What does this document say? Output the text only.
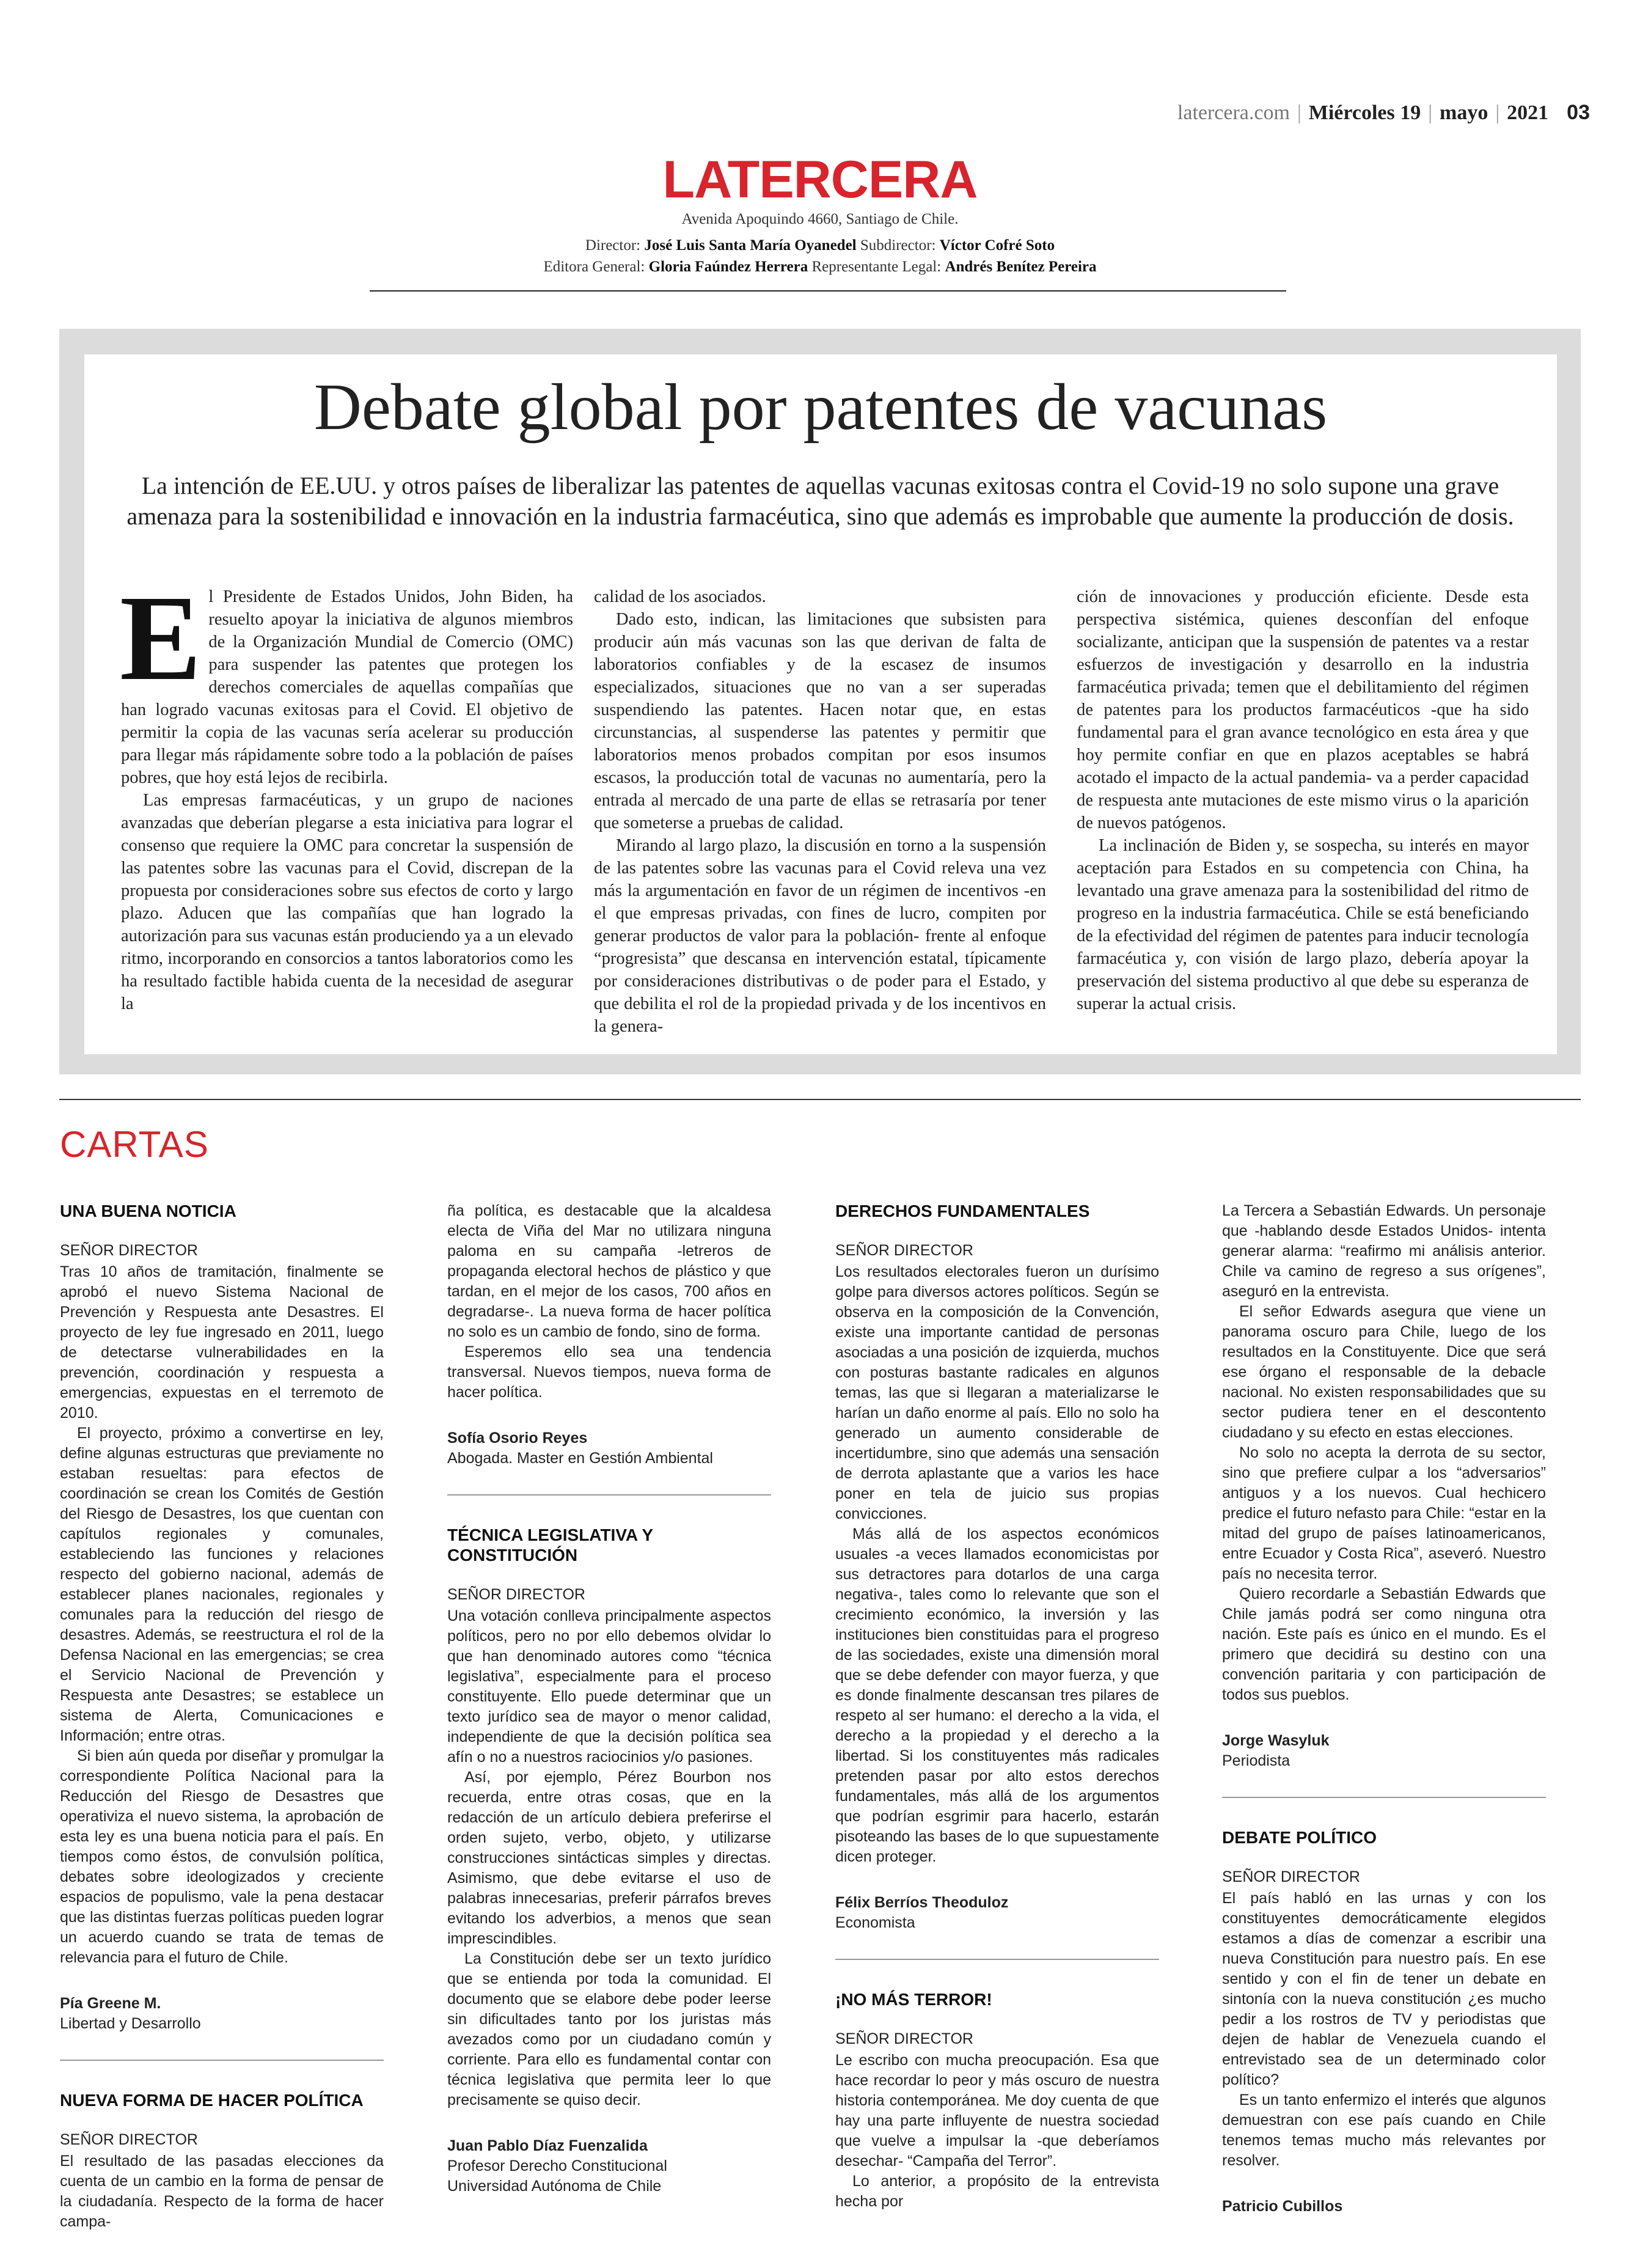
latercera.com | Miércoles 19 | mayo | 2021 03
LATERCERA
Avenida Apoquindo 4660, Santiago de Chile.
Director: José Luis Santa María Oyanedel Subdirector: Víctor Cofré Soto
Editora General: Gloria Faúndez Herrera Representante Legal: Andrés Benítez Pereira
Debate global por patentes de vacunas
La intención de EE.UU. y otros países de liberalizar las patentes de aquellas vacunas exitosas contra el Covid-19 no solo supone una grave amenaza para la sostenibilidad e innovación en la industria farmacéutica, sino que además es improbable que aumente la producción de dosis.
E l Presidente de Estados Unidos, John Biden, ha resuelto apoyar la iniciativa de algunos miembros de la Organización Mundial de Comercio (OMC) para suspender las patentes que protegen los derechos comerciales de aquellas compañías que han logrado vacunas exitosas para el Covid. El objetivo de permitir la copia de las vacunas sería acelerar su producción para llegar más rápidamente sobre todo a la población de países pobres, que hoy está lejos de recibirla.

Las empresas farmacéuticas, y un grupo de naciones avanzadas que deberían plegarse a esta iniciativa para lograr el consenso que requiere la OMC para concretar la suspensión de las patentes sobre las vacunas para el Covid, discrepan de la propuesta por consideraciones sobre sus efectos de corto y largo plazo. Aducen que las compañías que han logrado la autorización para sus vacunas están produciendo ya a un elevado ritmo, incorporando en consorcios a tantos laboratorios como les ha resultado factible habida cuenta de la necesidad de asegurar la

calidad de los asociados.

Dado esto, indican, las limitaciones que subsisten para producir aún más vacunas son las que derivan de falta de laboratorios confiables y de la escasez de insumos especializados, situaciones que no van a ser superadas suspendiendo las patentes. Hacen notar que, en estas circunstancias, al suspenderse las patentes y permitir que laboratorios menos probados compitan por esos insumos escasos, la producción total de vacunas no aumentaría, pero la entrada al mercado de una parte de ellas se retrasaría por tener que someterse a pruebas de calidad.

Mirando al largo plazo, la discusión en torno a la suspensión de las patentes sobre las vacunas para el Covid releva una vez más la argumentación en favor de un régimen de incentivos -en el que empresas privadas, con fines de lucro, compiten por generar productos de valor para la población- frente al enfoque “progresista” que descansa en intervención estatal, típicamente por consideraciones distributivas o de poder para el Estado, y que debilita el rol de la propiedad privada y de los incentivos en la genera-

ción de innovaciones y producción eficiente. Desde esta perspectiva sistémica, quienes desconfían del enfoque socializante, anticipan que la suspensión de patentes va a restar esfuerzos de investigación y desarrollo en la industria farmacéutica privada; temen que el debilitamiento del régimen de patentes para los productos farmacéuticos -que ha sido fundamental para el gran avance tecnológico en esta área y que hoy permite confiar en que en plazos aceptables se habrá acotado el impacto de la actual pandemia- va a perder capacidad de respuesta ante mutaciones de este mismo virus o la aparición de nuevos patógenos.

La inclinación de Biden y, se sospecha, su interés en mayor aceptación para Estados en su competencia con China, ha levantado una grave amenaza para la sostenibilidad del ritmo de progreso en la industria farmacéutica. Chile se está beneficiando de la efectividad del régimen de patentes para inducir tecnología farmacéutica y, con visión de largo plazo, debería apoyar la preservación del sistema productivo al que debe su esperanza de superar la actual crisis.

CARTAS
UNA BUENA NOTICIA
SEÑOR DIRECTOR

Tras 10 años de tramitación, finalmente se aprobó el nuevo Sistema Nacional de Prevención y Respuesta ante Desastres. El proyecto de ley fue ingresado en 2011, luego de detectarse vulnerabilidades en la prevención, coordinación y respuesta a emergencias, expuestas en el terremoto de 2010.

El proyecto, próximo a convertirse en ley, define algunas estructuras que previamente no estaban resueltas: para efectos de coordinación se crean los Comités de Gestión del Riesgo de Desastres, los que cuentan con capítulos regionales y comunales, estableciendo las funciones y relaciones respecto del gobierno nacional, además de establecer planes nacionales, regionales y comunales para la reducción del riesgo de desastres. Además, se reestructura el rol de la Defensa Nacional en las emergencias; se crea el Servicio Nacional de Prevención y Respuesta ante Desastres; se establece un sistema de Alerta, Comunicaciones e Información; entre otras.

Si bien aún queda por diseñar y promulgar la correspondiente Política Nacional para la Reducción del Riesgo de Desastres que operativiza el nuevo sistema, la aprobación de esta ley es una buena noticia para el país. En tiempos como éstos, de convulsión política, debates sobre ideologizados y creciente espacios de populismo, vale la pena destacar que las distintas fuerzas políticas pueden lograr un acuerdo cuando se trata de temas de relevancia para el futuro de Chile.

Pía Greene M.
Libertad y Desarrollo
NUEVA FORMA DE HACER POLÍTICA
SEÑOR DIRECTOR

El resultado de las pasadas elecciones da cuenta de un cambio en la forma de pensar de la ciudadanía. Respecto de la forma de hacer campa-

ña política, es destacable que la alcaldesa electa de Viña del Mar no utilizara ninguna paloma en su campaña -letreros de propaganda electoral hechos de plástico y que tardan, en el mejor de los casos, 700 años en degradarse-. La nueva forma de hacer política no solo es un cambio de fondo, sino de forma.

Esperemos ello sea una tendencia transversal. Nuevos tiempos, nueva forma de hacer política.

Sofía Osorio Reyes
Abogada. Master en Gestión Ambiental
TÉCNICA LEGISLATIVA Y CONSTITUCIÓN
SEÑOR DIRECTOR

Una votación conlleva principalmente aspectos políticos, pero no por ello debemos olvidar lo que han denominado autores como “técnica legislativa”, especialmente para el proceso constituyente. Ello puede determinar que un texto jurídico sea de mayor o menor calidad, independiente de que la decisión política sea afín o no a nuestros raciocinios y/o pasiones.

Así, por ejemplo, Pérez Bourbon nos recuerda, entre otras cosas, que en la redacción de un artículo debiera preferirse el orden sujeto, verbo, objeto, y utilizarse construcciones sintácticas simples y directas. Asimismo, que debe evitarse el uso de palabras innecesarias, preferir párrafos breves evitando los adverbios, a menos que sean imprescindibles.

La Constitución debe ser un texto jurídico que se entienda por toda la comunidad. El documento que se elabore debe poder leerse sin dificultades tanto por los juristas más avezados como por un ciudadano común y corriente. Para ello es fundamental contar con técnica legislativa que permita leer lo que precisamente se quiso decir.

Juan Pablo Díaz Fuenzalida
Profesor Derecho Constitucional
Universidad Autónoma de Chile
DERECHOS FUNDAMENTALES
SEÑOR DIRECTOR

Los resultados electorales fueron un durísimo golpe para diversos actores políticos. Según se observa en la composición de la Convención, existe una importante cantidad de personas asociadas a una posición de izquierda, muchos con posturas bastante radicales en algunos temas, las que si llegaran a materializarse le harían un daño enorme al país. Ello no solo ha generado un aumento considerable de incertidumbre, sino que además una sensación de derrota aplastante que a varios les hace poner en tela de juicio sus propias convicciones.

Más allá de los aspectos económicos usuales -a veces llamados economicistas por sus detractores para dotarlos de una carga negativa-, tales como lo relevante que son el crecimiento económico, la inversión y las instituciones bien constituidas para el progreso de las sociedades, existe una dimensión moral que se debe defender con mayor fuerza, y que es donde finalmente descansan tres pilares de respeto al ser humano: el derecho a la vida, el derecho a la propiedad y el derecho a la libertad. Si los constituyentes más radicales pretenden pasar por alto estos derechos fundamentales, más allá de los argumentos que podrían esgrimir para hacerlo, estarán pisoteando las bases de lo que supuestamente dicen proteger.

Félix Berríos Theoduloz
Economista
¡NO MÁS TERROR!
SEÑOR DIRECTOR

Le escribo con mucha preocupación. Esa que hace recordar lo peor y más oscuro de nuestra historia contemporánea. Me doy cuenta de que hay una parte influyente de nuestra sociedad que vuelve a impulsar la -que deberíamos desechar- “Campaña del Terror”.

Lo anterior, a propósito de la entrevista hecha por

La Tercera a Sebastián Edwards. Un personaje que -hablando desde Estados Unidos- intenta generar alarma: “reafirmo mi análisis anterior. Chile va camino de regreso a sus orígenes”, aseguró en la entrevista.

El señor Edwards asegura que viene un panorama oscuro para Chile, luego de los resultados en la Constituyente. Dice que será ese órgano el responsable de la debacle nacional. No existen responsabilidades que su sector pudiera tener en el descontento ciudadano y su efecto en estas elecciones.

No solo no acepta la derrota de su sector, sino que prefiere culpar a los “adversarios” antiguos y a los nuevos. Cual hechicero predice el futuro nefasto para Chile: “estar en la mitad del grupo de países latinoamericanos, entre Ecuador y Costa Rica”, aseveró. Nuestro país no necesita terror.

Quiero recordarle a Sebastián Edwards que Chile jamás podrá ser como ninguna otra nación. Este país es único en el mundo. Es el primero que decidirá su destino con una convención paritaria y con participación de todos sus pueblos.

Jorge Wasyluk
Periodista
DEBATE POLÍTICO
SEÑOR DIRECTOR

El país habló en las urnas y con los constituyentes democráticamente elegidos estamos a días de comenzar a escribir una nueva Constitución para nuestro país. En ese sentido y con el fin de tener un debate en sintonía con la nueva constitución ¿es mucho pedir a los rostros de TV y periodistas que dejen de hablar de Venezuela cuando el entrevistado sea de un determinado color político?

Es un tanto enfermizo el interés que algunos demuestran con ese país cuando en Chile tenemos temas mucho más relevantes por resolver.

Patricio Cubillos
